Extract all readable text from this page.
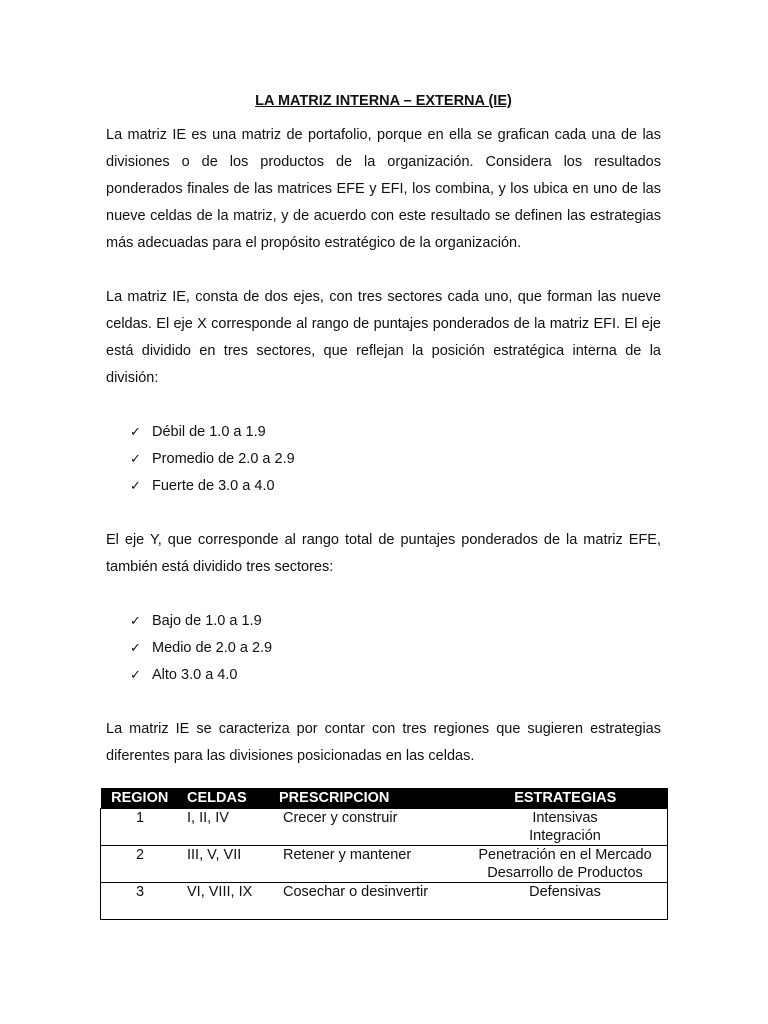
LA MATRIZ INTERNA – EXTERNA (IE)

La matriz IE es una matriz de portafolio, porque en ella se grafican cada una de las divisiones o de los productos de la organización. Considera los resultados ponderados finales de las matrices EFE y EFI, los combina, y los ubica en uno de las nueve celdas de la matriz, y de acuerdo con este resultado se definen las estrategias más adecuadas para el propósito estratégico de la organización.

La matriz IE, consta de dos ejes, con tres sectores cada uno, que forman las nueve celdas. El eje X corresponde al rango de puntajes ponderados de la matriz EFI. El eje está dividido en tres sectores, que reflejan la posición estratégica interna de la división:

✓ Débil de 1.0 a 1.9
✓ Promedio de 2.0 a 2.9
✓ Fuerte de 3.0 a 4.0

El eje Y, que corresponde al rango total de puntajes ponderados de la matriz EFE, también está dividido tres sectores:

✓ Bajo de 1.0 a 1.9
✓ Medio de 2.0 a 2.9
✓ Alto 3.0 a 4.0

La matriz IE se caracteriza por contar con tres regiones que sugieren estrategias diferentes para las divisiones posicionadas en las celdas.

REGION	CELDAS	PRESCRIPCION	ESTRATEGIAS
1	I, II, IV	Crecer y construir	Intensivas
Integración

2	III, V, VII	Retener y mantener	Penetración en el Mercado
Desarrollo de Productos

3	VI, VIII, IX	Cosechar o desinvertir	Defensivas
